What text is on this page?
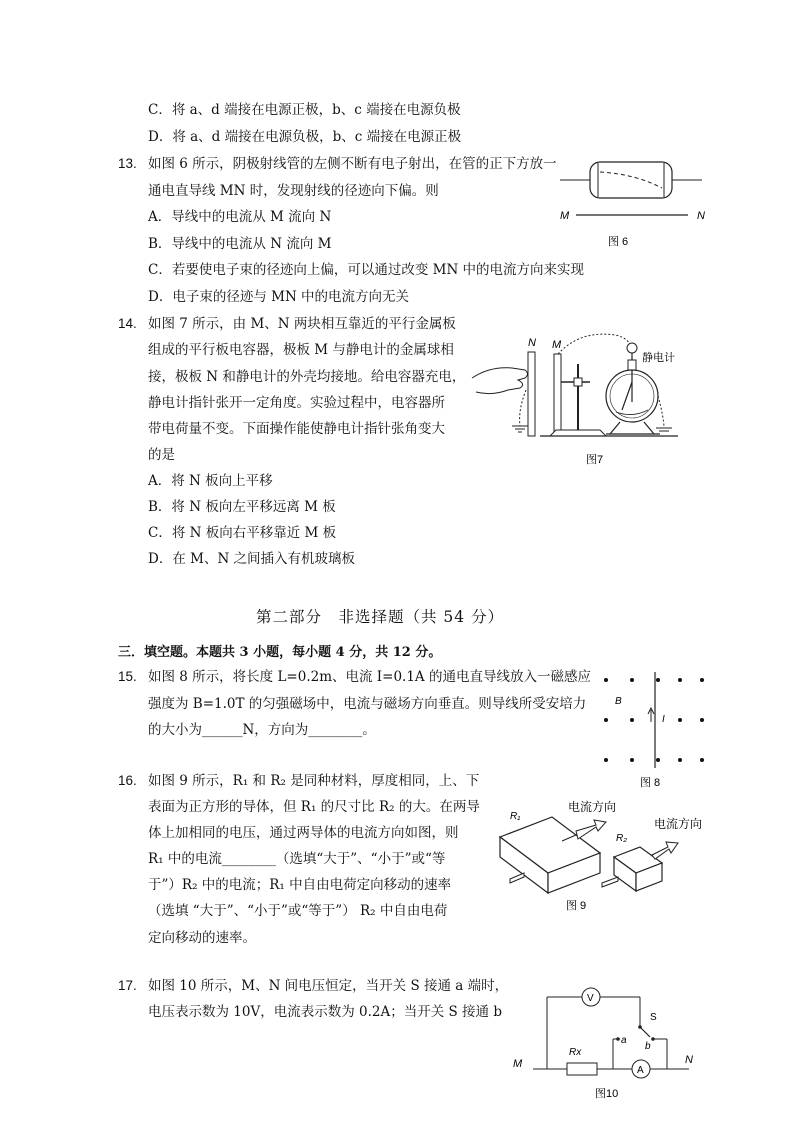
C．将 a、d 端接在电源正极，b、c 端接在电源负极
D．将 a、d 端接在电源负极，b、c 端接在电源正极
13. 如图 6 所示，阴极射线管的左侧不断有电子射出，在管的正下方放一
通电直导线 MN 时，发现射线的径迹向下偏。则
A．导线中的电流从 M 流向 N
B．导线中的电流从 N 流向 M
C．若要使电子束的径迹向上偏，可以通过改变 MN 中的电流方向来实现
D．电子束的径迹与 MN 中的电流方向无关
M	N
图 6
14. 如图 7 所示，由 M、N 两块相互靠近的平行金属板
组成的平行板电容器，极板 M 与静电计的金属球相
接，极板 N 和静电计的外壳均接地。给电容器充电，
静电计指针张开一定角度。实验过程中，电容器所
带电荷量不变。下面操作能使静电计指针张角变大
的是
A．将 N 板向上平移
B．将 N 板向左平移远离 M 板
C．将 N 板向右平移靠近 M 板
D．在 M、N 之间插入有机玻璃板
N M
静电计
图7
第二部分　非选择题（共 54 分）
三．填空题。本题共 3 小题，每小题 4 分，共 12 分。
15. 如图 8 所示，将长度 L=0.2m、电流 I=0.1A 的通电直导线放入一磁感应
强度为 B=1.0T 的匀强磁场中，电流与磁场方向垂直。则导线所受安培力
的大小为______N，方向为________。
B
I
图 8
16. 如图 9 所示，R₁ 和 R₂ 是同种材料，厚度相同，上、下
表面为正方形的导体，但 R₁ 的尺寸比 R₂ 的大。在两导
体上加相同的电压，通过两导体的电流方向如图，则
R₁ 中的电流________（选填“大于”、“小于”或“等
于”）R₂ 中的电流；R₁ 中自由电荷定向移动的速率
（选填 “大于”、“小于”或“等于”） R₂ 中自由电荷
定向移动的速率。
R₁
电流方向
R₂
电流方向
图 9
17. 如图 10 所示，M、N 间电压恒定，当开关 S 接通 a 端时，
电压表示数为 10V，电流表示数为 0.2A；当开关 S 接通 b
V
S
a
b
Rx
A
M	N
图10
